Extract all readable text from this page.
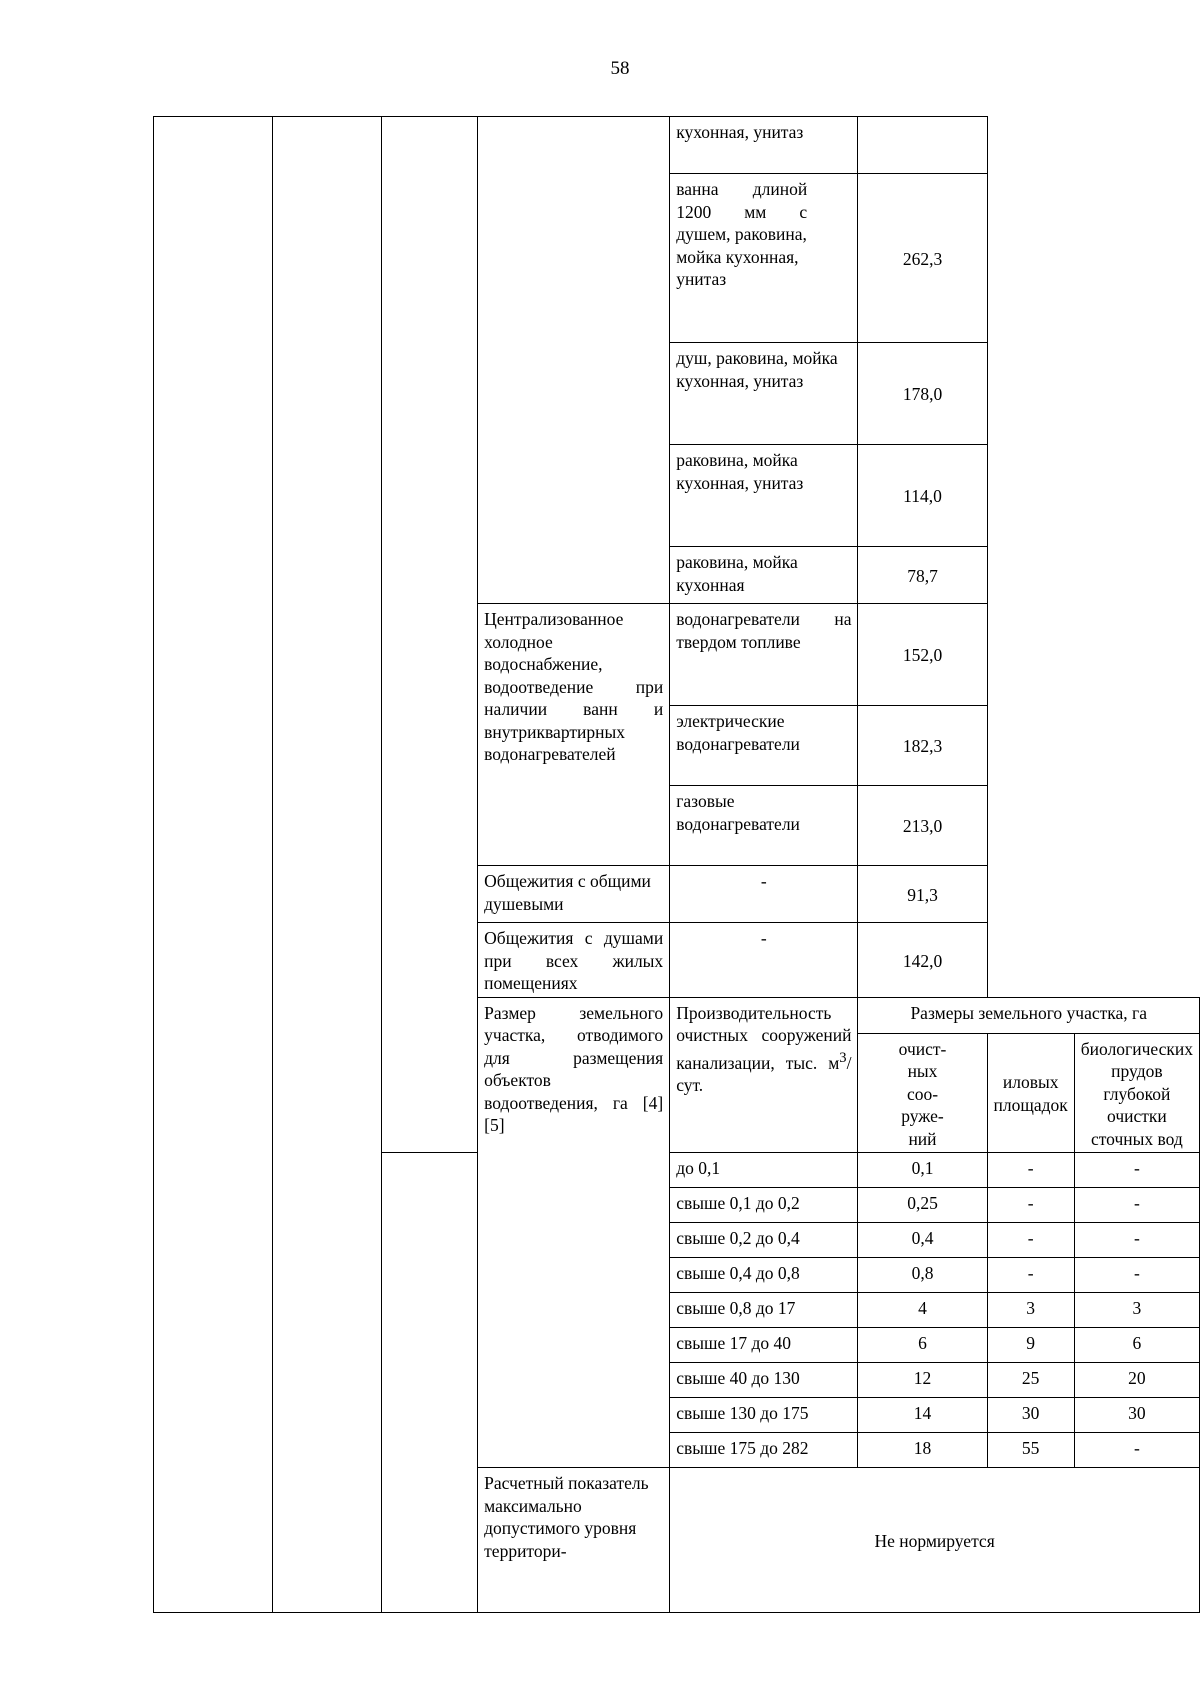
58
				кухонная, унитаз			

				ванна длиной
1200 мм с
душем, раковина, мойка кухонная, унитаз	262,3		
				душ, раковина, мойка кухонная, унитаз	178,0		
				раковина, мойка кухонная, унитаз	114,0		
				раковина, мойка кухонная	78,7		
			Централизованное холодное водоснабжение, водоотведение при наличии ванн и внутриквартирных водонагревателей	водонагреватели на твердом топливе	152,0		
				электрические водонагреватели	182,3		
				газовые водонагреватели	213,0		
			Общежития с общими душевыми	-	91,3		
			Общежития с душами при всех жилых помещениях	-	142,0		
			Размер земельного участка, отводимого для размещения объектов водоотведения, га [4] [5]	Производительность очистных сооружений канализации, тыс. $м^3$/сут.	Размеры земельного участка, га		
					очист-
ных
соо-
руже-
ний	иловых площадок	биологических прудов глубокой очистки сточных вод
				до 0,1	0,1	-	-
				свыше 0,1 до 0,2	0,25	-	-
				свыше 0,2 до 0,4	0,4	-	-
				свыше 0,4 до 0,8	0,8	-	-
				свыше 0,8 до 17	4	3	3
				свыше 17 до 40	6	9	6
				свыше 40 до 130	12	25	20
				свыше 130 до 175	14	30	30
				свыше 175 до 282	18	55	-
			Расчетный показатель максимально допустимого уровня территори-	Не нормируется			
